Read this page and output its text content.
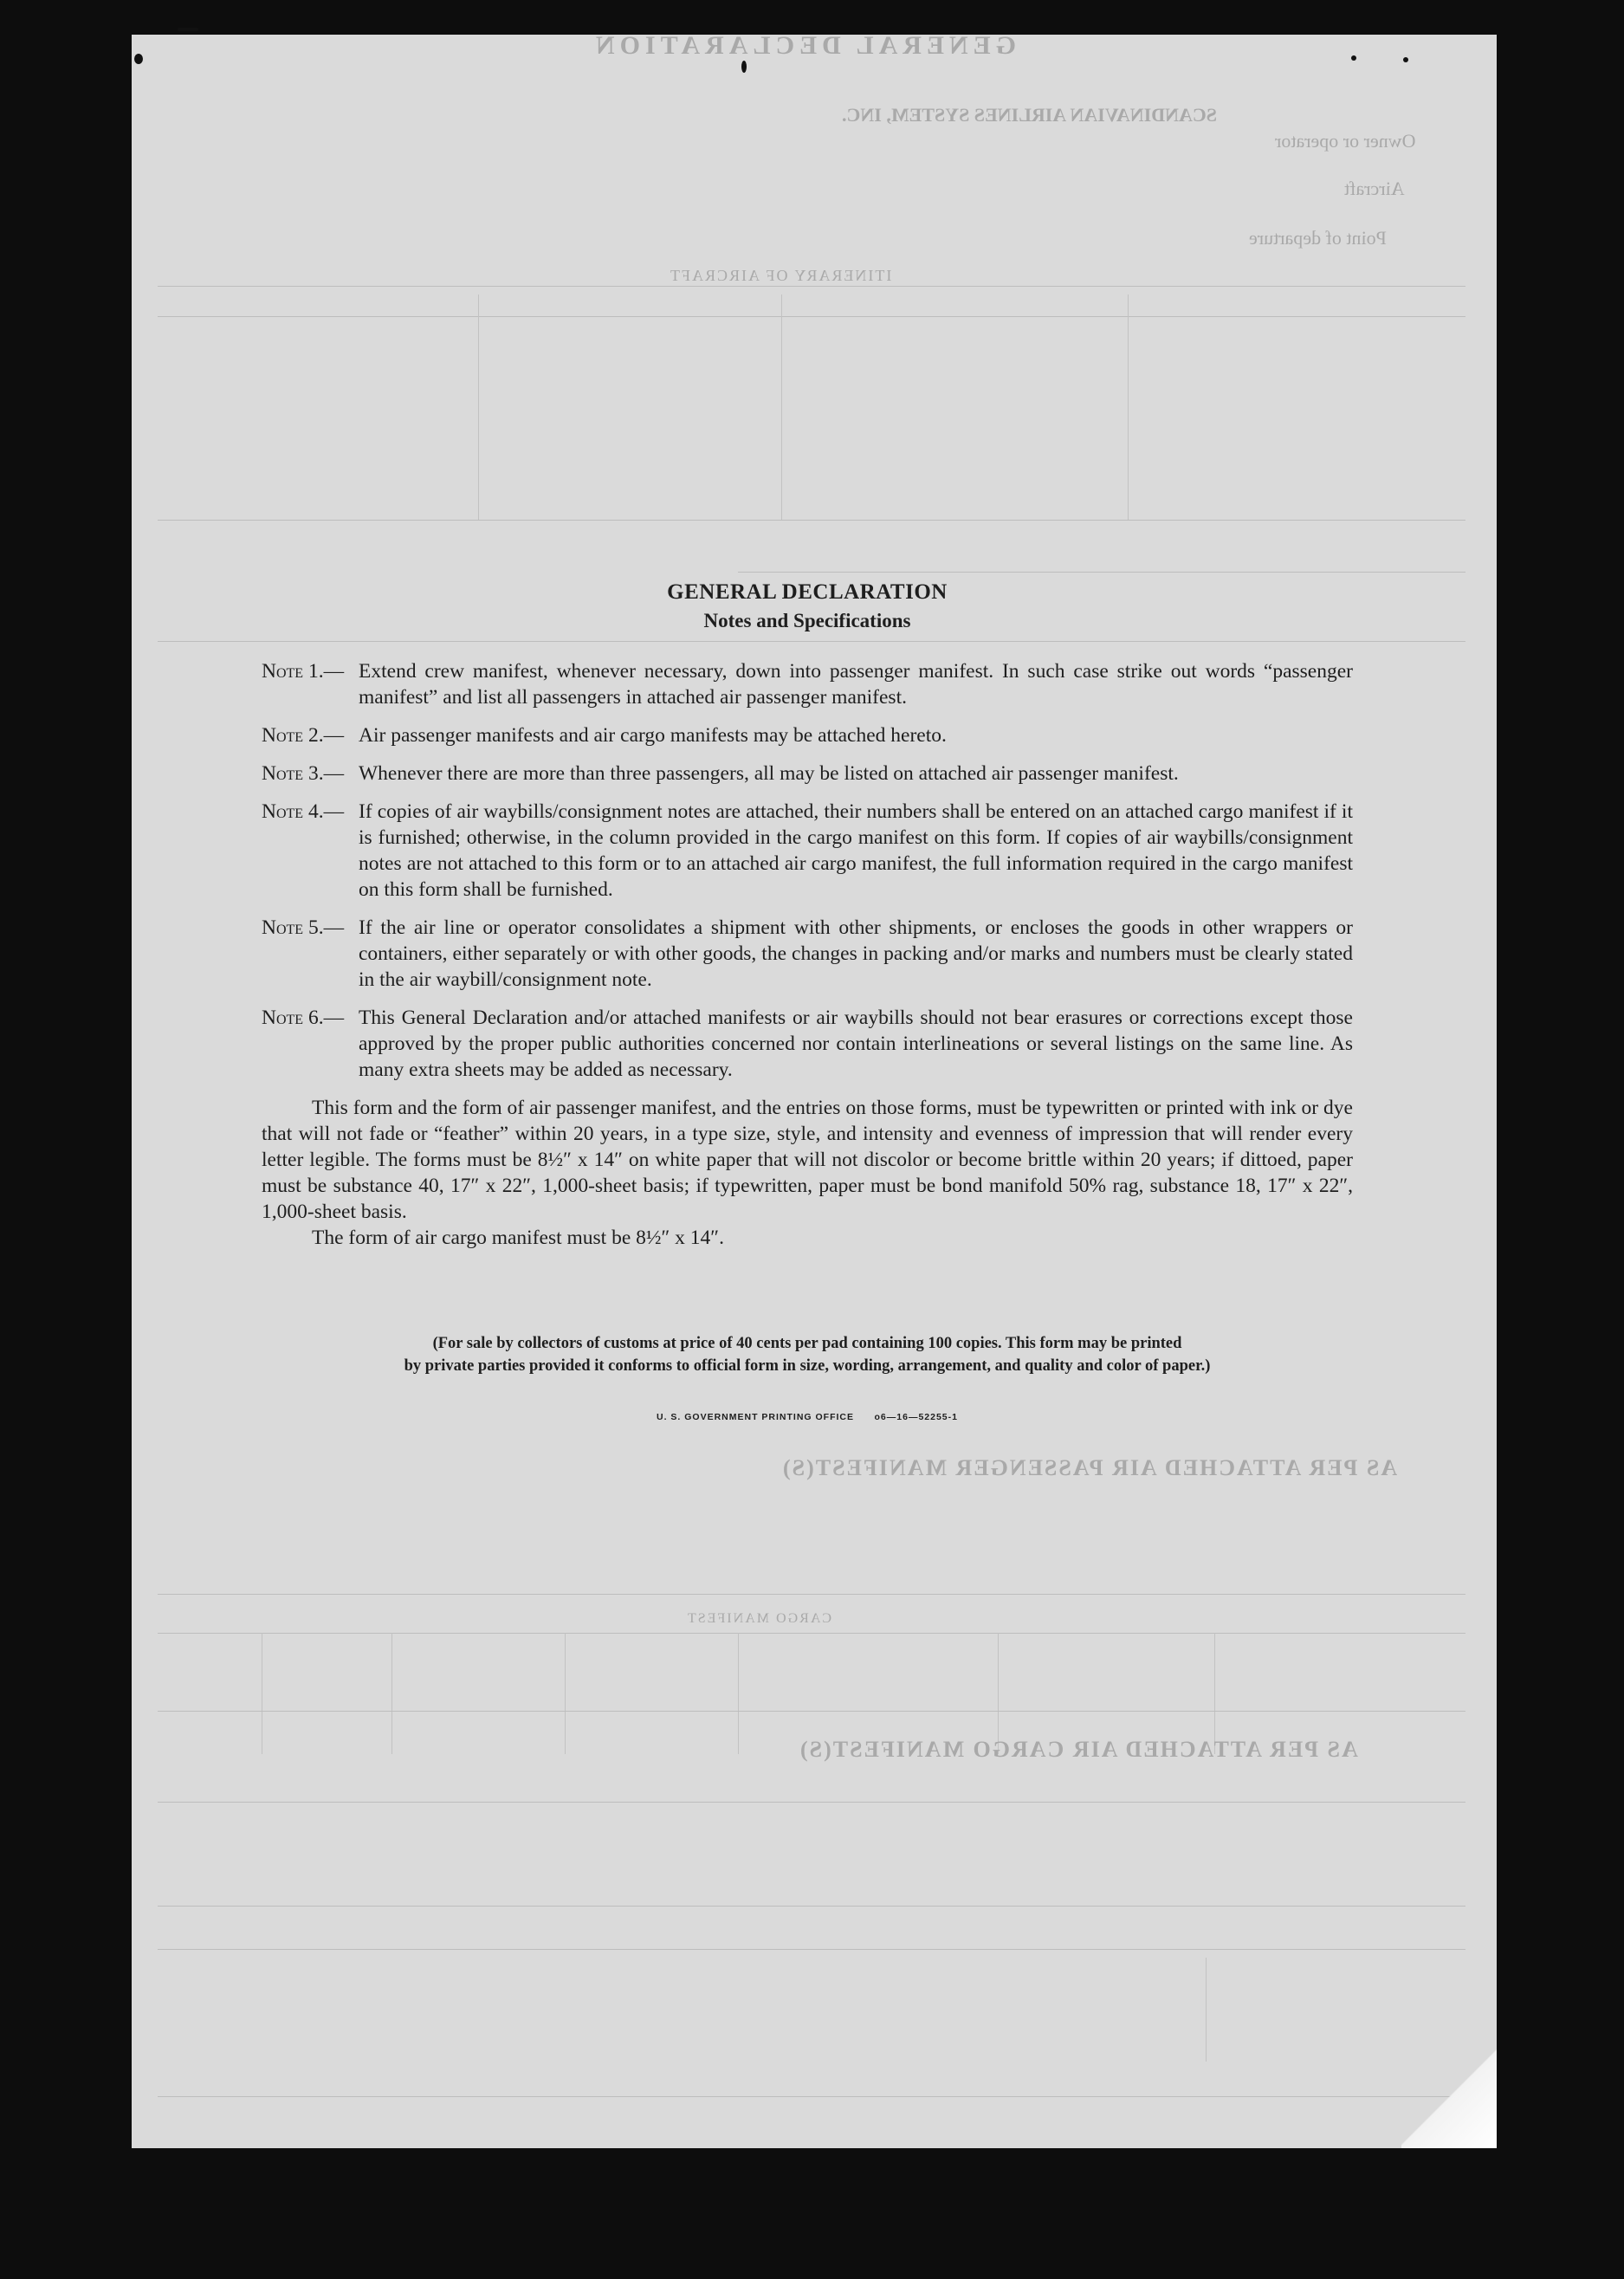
GENERAL DECLARATION
SCANDINAVIAN AIRLINES SYSTEM, INC.
Owner or operator
Aircraft
Point of departure
ITINERARY OF AIRCRAFT
AS PER ATTACHED AIR PASSENGER MANIFEST(S)
CARGO MANIFEST
AS PER ATTACHED AIR CARGO MANIFEST(S)
GENERAL DECLARATION
Notes and Specifications
Note 1.— Extend crew manifest, whenever necessary, down into passenger manifest. In such case strike out words “passenger manifest” and list all passengers in attached air passenger manifest.
Note 2.— Air passenger manifests and air cargo manifests may be attached hereto.
Note 3.— Whenever there are more than three passengers, all may be listed on attached air passenger manifest.
Note 4.— If copies of air waybills/consignment notes are attached, their numbers shall be entered on an attached cargo manifest if it is furnished; otherwise, in the column provided in the cargo manifest on this form. If copies of air waybills/consignment notes are not attached to this form or to an attached air cargo manifest, the full information required in the cargo manifest on this form shall be furnished.
Note 5.— If the air line or operator consolidates a shipment with other shipments, or encloses the goods in other wrappers or containers, either separately or with other goods, the changes in packing and/or marks and numbers must be clearly stated in the air waybill/consignment note.
Note 6.— This General Declaration and/or attached manifests or air waybills should not bear erasures or corrections except those approved by the proper public authorities concerned nor contain interlineations or several listings on the same line. As many extra sheets may be added as necessary.
This form and the form of air passenger manifest, and the entries on those forms, must be typewritten or printed with ink or dye that will not fade or “feather” within 20 years, in a type size, style, and intensity and evenness of impression that will render every letter legible. The forms must be 8½″ x 14″ on white paper that will not discolor or become brittle within 20 years; if dittoed, paper must be substance 40, 17″ x 22″, 1,000-sheet basis; if typewritten, paper must be bond manifold 50% rag, substance 18, 17″ x 22″, 1,000-sheet basis.
The form of air cargo manifest must be 8½″ x 14″.
(For sale by collectors of customs at price of 40 cents per pad containing 100 copies. This form may be printed
by private parties provided it conforms to official form in size, wording, arrangement, and quality and color of paper.)
U. S. GOVERNMENT PRINTING OFFICE      o6—16—52255-1
